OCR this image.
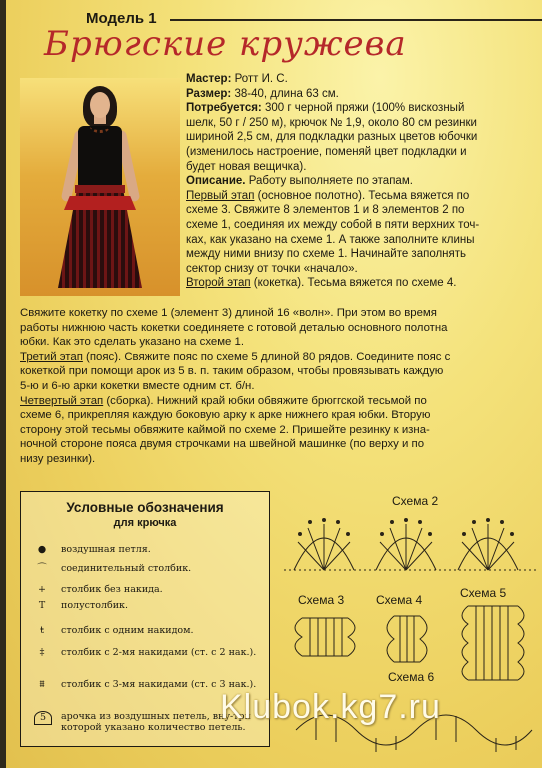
Модель 1
Брюгские кружева

Мастер: Ротт И. С.

Размер: 38-40, длина 63 см.

Потребуется: 300 г черной пряжи (100% вискозный

шелк, 50 г / 250 м), крючок № 1,9, около 80 см резинки

шириной 2,5 см, для подкладки разных цветов юбочки

(изменилось настроение, поменяй цвет подкладки и

будет новая вещичка).

Описание. Работу выполняете по этапам.

Первый этап (основное полотно). Тесьма вяжется по

схеме 3. Свяжите 8 элементов 1 и 8 элементов 2 по

схеме 1, соединяя их между собой в пяти верхних точ-

ках, как указано на схеме 1. А также заполните клины

между ними внизу по схеме 1. Начинайте заполнять

сектор снизу от точки «начало».

Второй этап (кокетка). Тесьма вяжется по схеме 4.

Свяжите кокетку по схеме 1 (элемент 3) длиной 16 «волн». При этом во время

работы нижнюю часть кокетки соединяете с готовой деталью основного полотна

юбки. Как это сделать указано на схеме 1.

Третий этап (пояс). Свяжите пояс по схеме 5 длиной 80 рядов. Соедините пояс с

кокеткой при помощи арок из 5 в. п. таким образом, чтобы провязывать каждую

5-ю и 6-ю арки кокетки вместе одним ст. б/н.

Четвертый этап (сборка). Нижний край юбки обвяжите брюггской тесьмой по

схеме 6, прикрепляя каждую боковую арку к арке нижнего края юбки. Вторую

сторону этой тесьмы обвяжите каймой по схеме 2. Пришейте резинку к изна-

ночной стороне пояса двумя строчками на швейной машинке (по верху и по

низу резинки).

Условные обозначения
для крючка
●	воздушная петля.
⌒	соединительный столбик.
+	столбик без накида.
Т	полустолбик.
ŧ	столбик с одним накидом.
‡	столбик с 2-мя накидами (ст. с 2 нак.).
⩩	столбик с 3-мя накидами (ст. с 3 нак.).
5	арочка из воздушных петель, вну-три которой указано количество петель.
Схема 2
Схема 3	Схема 4	Схема 5
Схема 6
Klubok.kg7.ru
